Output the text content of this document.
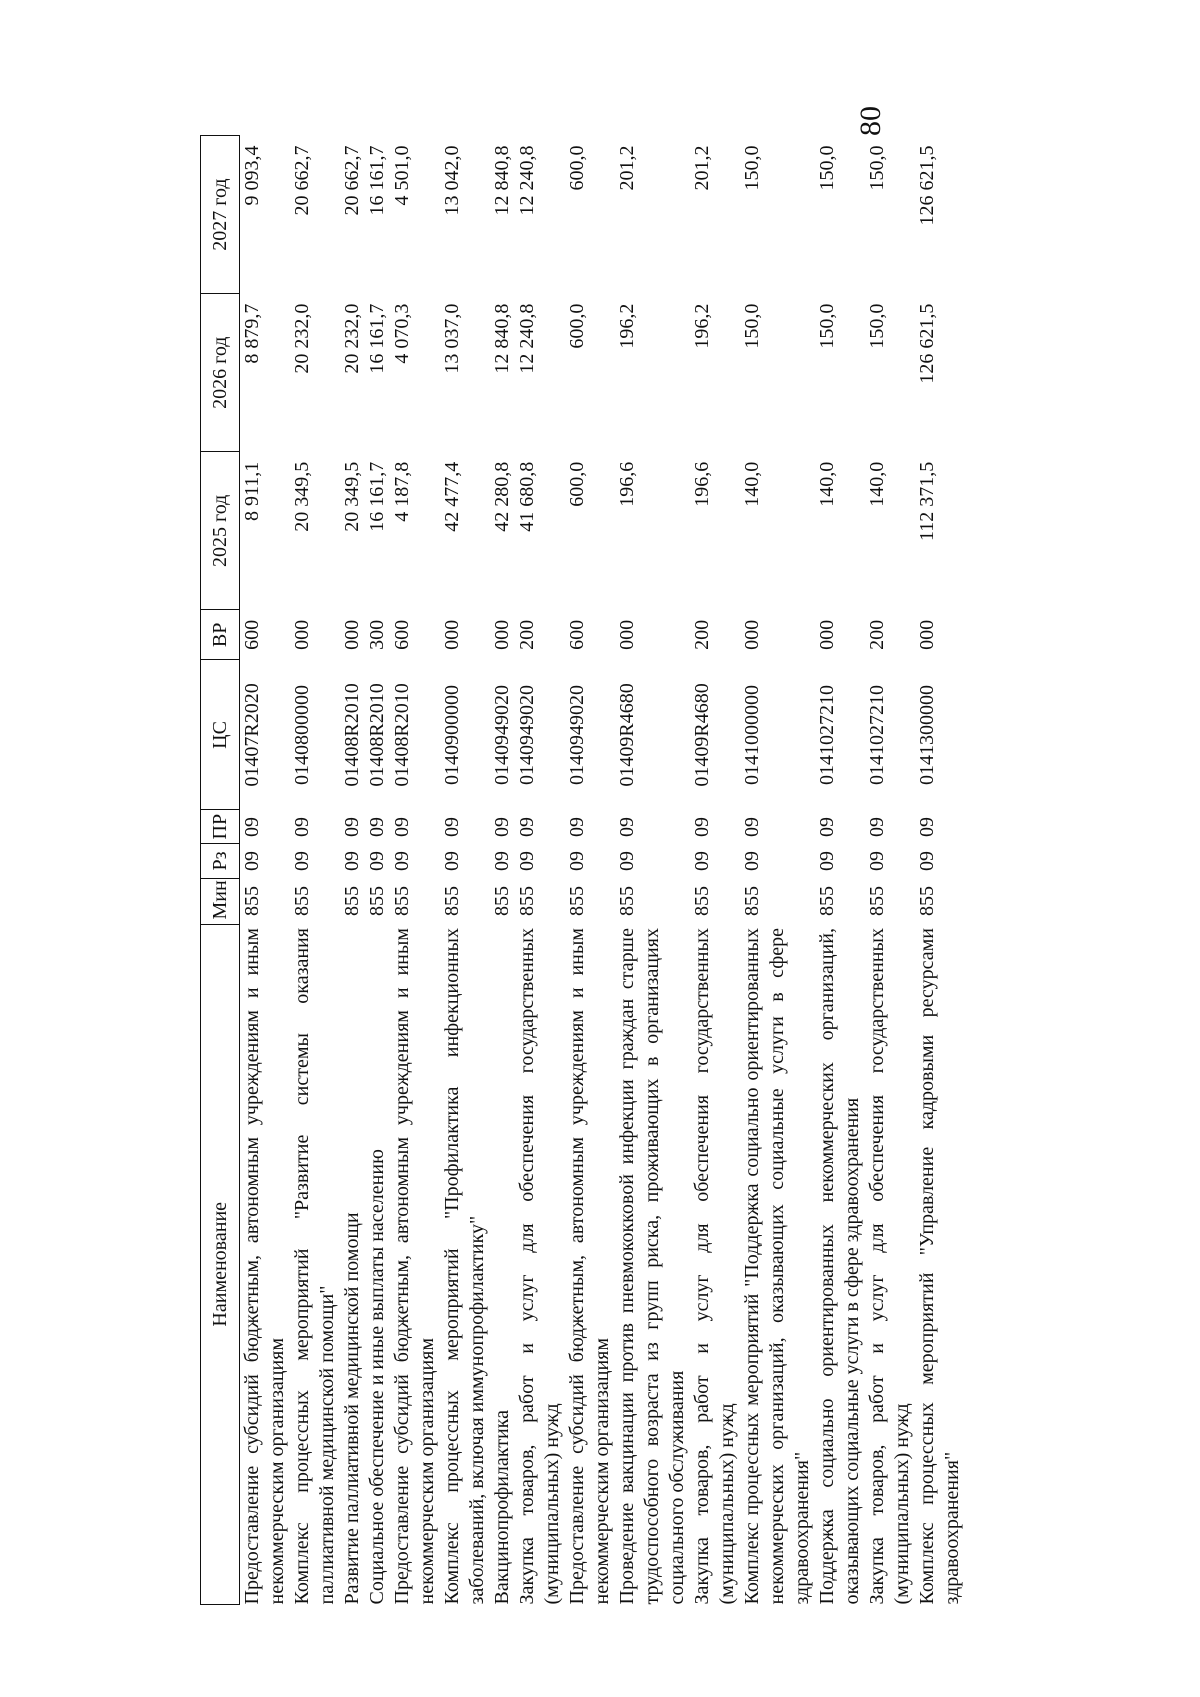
80
Наименование	Мин	Рз	ПР	ЦС	ВР	2025 год	2026 год	2027 год
Предоставление субсидий бюджетным, автономным учреждениям и иным некоммерческим организациям	855	09	09	01407R2020	600	8 911,1	8 879,7	9 093,4
Комплекс процессных мероприятий "Развитие системы оказания паллиативной медицинской помощи"	855	09	09	0140800000	000	20 349,5	20 232,0	20 662,7
Развитие паллиативной медицинской помощи	855	09	09	01408R2010	000	20 349,5	20 232,0	20 662,7
Социальное обеспечение и иные выплаты населению	855	09	09	01408R2010	300	16 161,7	16 161,7	16 161,7
Предоставление субсидий бюджетным, автономным учреждениям и иным некоммерческим организациям	855	09	09	01408R2010	600	4 187,8	4 070,3	4 501,0
Комплекс процессных мероприятий "Профилактика инфекционных заболеваний, включая иммунопрофилактику"	855	09	09	0140900000	000	42 477,4	13 037,0	13 042,0
Вакцинопрофилактика	855	09	09	0140949020	000	42 280,8	12 840,8	12 840,8
Закупка товаров, работ и услуг для обеспечения государственных (муниципальных) нужд	855	09	09	0140949020	200	41 680,8	12 240,8	12 240,8
Предоставление субсидий бюджетным, автономным учреждениям и иным некоммерческим организациям	855	09	09	0140949020	600	600,0	600,0	600,0
Проведение вакцинации против пневмококковой инфекции граждан старше трудоспособного возраста из групп риска, проживающих в организациях социального обслуживания	855	09	09	01409R4680	000	196,6	196,2	201,2
Закупка товаров, работ и услуг для обеспечения государственных (муниципальных) нужд	855	09	09	01409R4680	200	196,6	196,2	201,2
Комплекс процессных мероприятий "Поддержка социально ориентированных некоммерческих организаций, оказывающих социальные услуги в сфере здравоохранения"	855	09	09	0141000000	000	140,0	150,0	150,0
Поддержка социально ориентированных некоммерческих организаций, оказывающих социальные услуги в сфере здравоохранения	855	09	09	0141027210	000	140,0	150,0	150,0
Закупка товаров, работ и услуг для обеспечения государственных (муниципальных) нужд	855	09	09	0141027210	200	140,0	150,0	150,0
Комплекс процессных мероприятий "Управление кадровыми ресурсами здравоохранения"	855	09	09	0141300000	000	112 371,5	126 621,5	126 621,5
